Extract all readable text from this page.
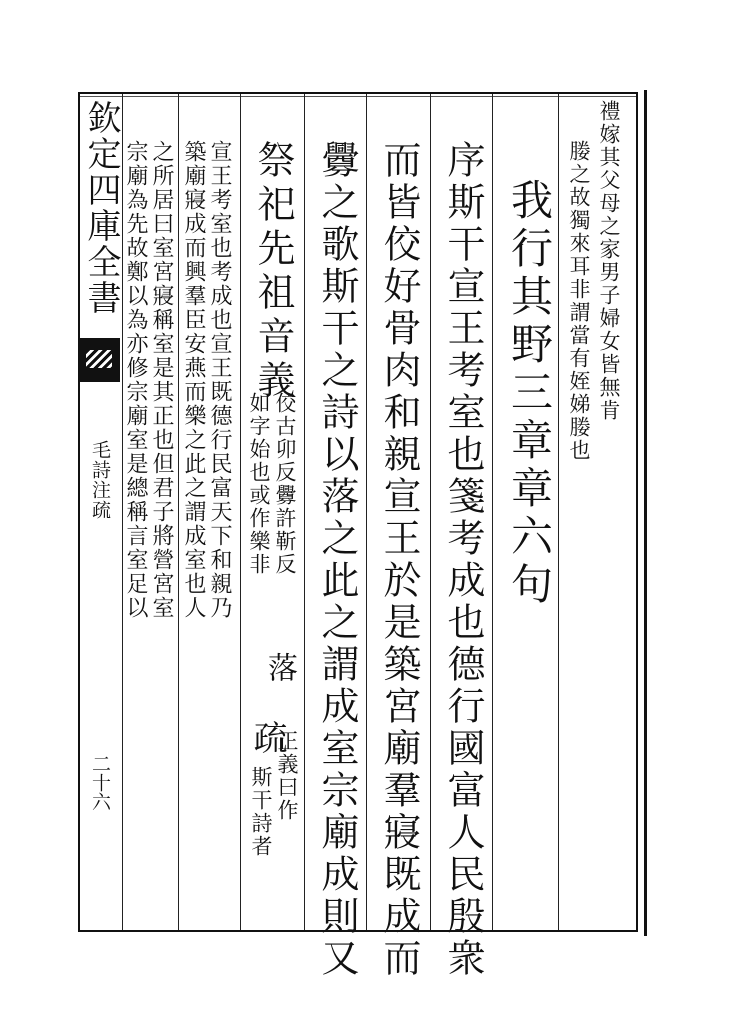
欽定四庫全書
毛詩注疏
二十六
禮嫁其父母之家男子婦女皆無肯
媵之故獨來耳非謂當有姪娣媵也
我行其野三章章六句
序斯干宣王考室也箋考成也德行國富人民殷衆
而皆佼好骨肉和親宣王於是築宮廟羣寢既成而
釁之歌斯干之詩以落之此之謂成室宗廟成則又
祭祀先祖音義
佼古卯反釁許靳反
如字始也或作樂非
落
疏
正義曰作
斯干詩者
宣王考室也考成也宣王既德行民富天下和親乃
築廟寢成而興羣臣安燕而樂之此之謂成室也人
之所居曰室宮寢稱室是其正也但君子將營宮室
宗廟為先故鄭以為亦修宗廟室是總稱言室足以
